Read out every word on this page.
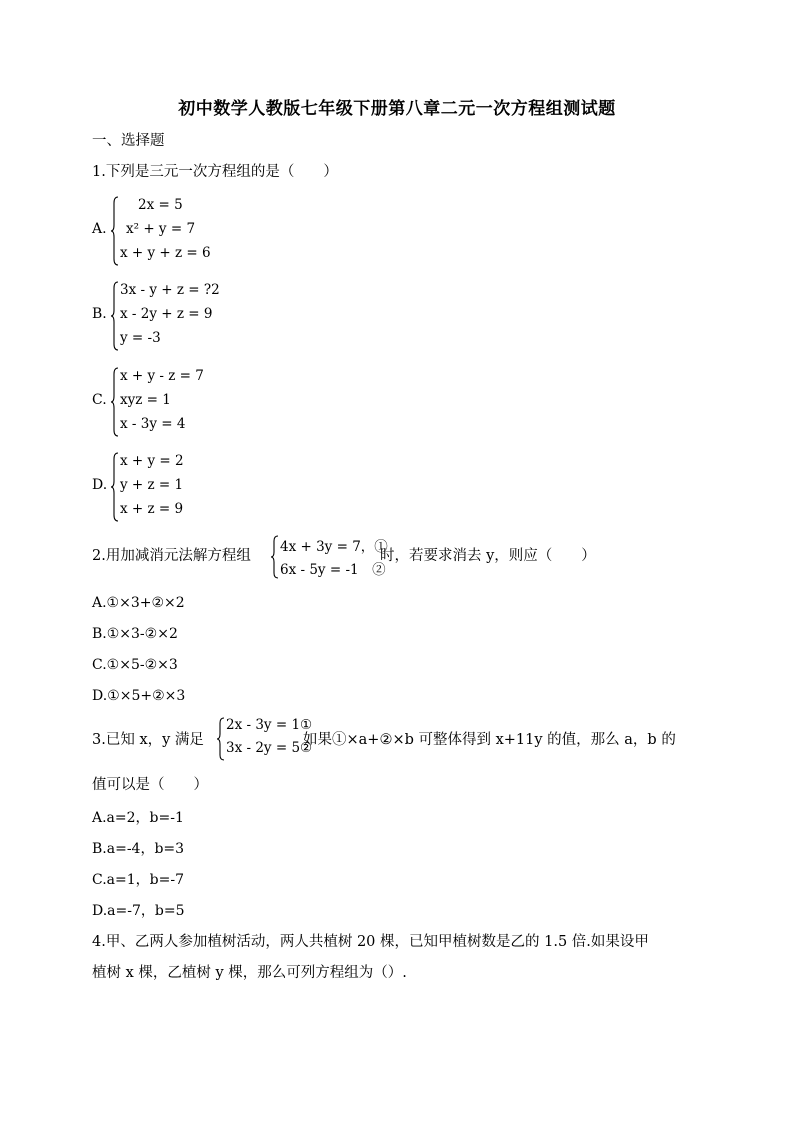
初中数学人教版七年级下册第八章二元一次方程组测试题
一、选择题
1.下列是三元一次方程组的是（　　）
A.
2x = 5
x² + y = 7
x + y + z = 6
B.
3x - y + z = ?2
x - 2y + z = 9
y = -3
C.
x + y - z = 7
xyz = 1
x - 3y = 4
D.
x + y = 2
y + z = 1
x + z = 9
2.用加减消元法解方程组
4x + 3y = 7，①
6x - 5y = -1　②
时，若要求消去 y，则应（　　）
A.①×3+②×2
B.①×3-②×2
C.①×5-②×3
D.①×5+②×3
3.已知 x，y 满足
2x - 3y = 1①
3x - 2y = 5②
如果①×a+②×b 可整体得到 x+11y 的值，那么 a，b 的
值可以是（　　）
A.a=2，b=-1
B.a=-4，b=3
C.a=1，b=-7
D.a=-7，b=5
4.甲、乙两人参加植树活动，两人共植树 20 棵，已知甲植树数是乙的 1.5 倍.如果设甲
植树 x 棵，乙植树 y 棵，那么可列方程组为（）.
